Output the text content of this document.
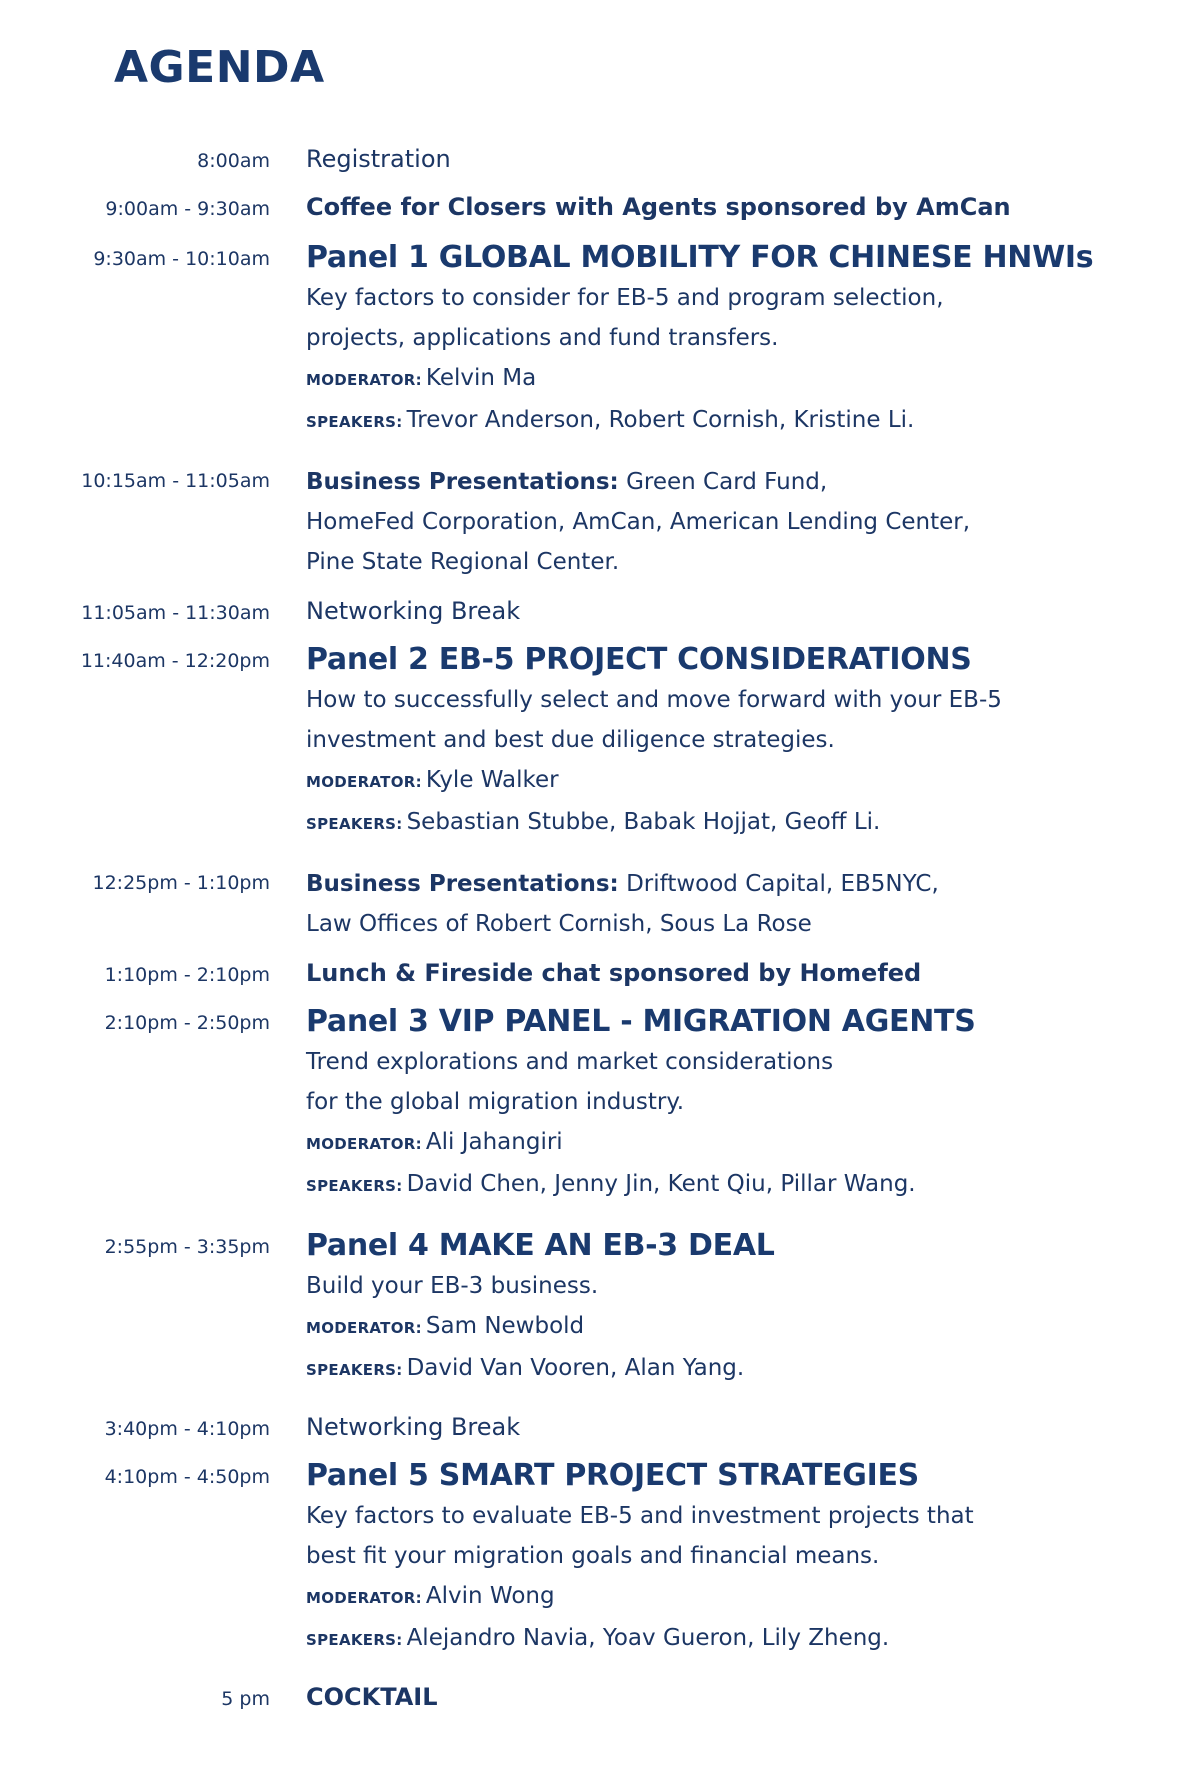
AGENDA
8:00am Registration

9:00am - 9:30am Coffee for Closers with Agents sponsored by AmCan

9:30am - 10:10am Panel 1 GLOBAL MOBILITY FOR CHINESE HNWIs

Key factors to consider for EB-5 and program selection,

projects, applications and fund transfers.

MODERATOR: Kelvin Ma

SPEAKERS: Trevor Anderson, Robert Cornish, Kristine Li.

10:15am - 11:05am Business Presentations: Green Card Fund,

HomeFed Corporation, AmCan, American Lending Center,

Pine State Regional Center.

11:05am - 11:30am Networking Break

11:40am - 12:20pm Panel 2 EB-5 PROJECT CONSIDERATIONS

How to successfully select and move forward with your EB-5

investment and best due diligence strategies.

MODERATOR: Kyle Walker

SPEAKERS: Sebastian Stubbe, Babak Hojjat, Geoff Li.

12:25pm - 1:10pm Business Presentations: Driftwood Capital, EB5NYC,

Law Offices of Robert Cornish, Sous La Rose

1:10pm - 2:10pm Lunch & Fireside chat sponsored by Homefed

2:10pm - 2:50pm Panel 3 VIP PANEL - MIGRATION AGENTS

Trend explorations and market considerations

for the global migration industry.

MODERATOR: Ali Jahangiri

SPEAKERS: David Chen, Jenny Jin, Kent Qiu, Pillar Wang.

2:55pm - 3:35pm Panel 4 MAKE AN EB-3 DEAL

Build your EB-3 business.

MODERATOR: Sam Newbold

SPEAKERS: David Van Vooren, Alan Yang.

3:40pm - 4:10pm Networking Break

4:10pm - 4:50pm Panel 5 SMART PROJECT STRATEGIES

Key factors to evaluate EB-5 and investment projects that

best fit your migration goals and financial means.

MODERATOR: Alvin Wong

SPEAKERS: Alejandro Navia, Yoav Gueron, Lily Zheng.

5 pm COCKTAIL
